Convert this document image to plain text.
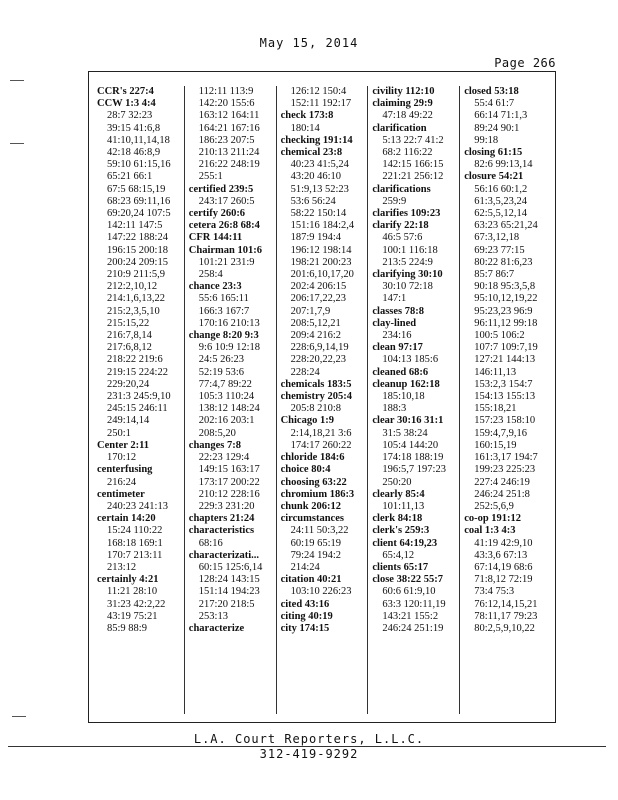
May 15, 2014
Page 266
CCR's 227:4
CCW 1:3 4:4
28:7 32:23
39:15 41:6,8
41:10,11,14,18
42:18 46:8,9
59:10 61:15,16
65:21 66:1
67:5 68:15,19
68:23 69:11,16
69:20,24 107:5
142:11 147:5
147:22 188:24
196:15 200:18
200:24 209:15
210:9 211:5,9
212:2,10,12
214:1,6,13,22
215:2,3,5,10
215:15,22
216:7,8,14
217:6,8,12
218:22 219:6
219:15 224:22
229:20,24
231:3 245:9,10
245:15 246:11
249:14,14
250:1
Center 2:11
170:12
centerfusing
216:24
centimeter
240:23 241:13
certain 14:20
15:24 110:22
168:18 169:1
170:7 213:11
213:12
certainly 4:21
11:21 28:10
31:23 42:2,22
43:19 75:21
85:9 88:9
112:11 113:9
142:20 155:6
163:12 164:11
164:21 167:16
186:23 207:5
210:13 211:24
216:22 248:19
255:1
certified 239:5
243:17 260:5
certify 260:6
cetera 26:8 68:4
CFR 144:11
Chairman 101:6
101:21 231:9
258:4
chance 23:3
55:6 165:11
166:3 167:7
170:16 210:13
change 8:20 9:3
9:6 10:9 12:18
24:5 26:23
52:19 53:6
77:4,7 89:22
105:3 110:24
138:12 148:24
202:16 203:1
208:5,20
changes 7:8
22:23 129:4
149:15 163:17
173:17 200:22
210:12 228:16
229:3 231:20
chapters 21:24
characteristics
68:16
characterizati...
60:15 125:6,14
128:24 143:15
151:14 194:23
217:20 218:5
253:13
characterize
126:12 150:4
152:11 192:17
check 173:8
180:14
checking 191:14
chemical 23:8
40:23 41:5,24
43:20 46:10
51:9,13 52:23
53:6 56:24
58:22 150:14
151:16 184:2,4
187:9 194:4
196:12 198:14
198:21 200:23
201:6,10,17,20
202:4 206:15
206:17,22,23
207:1,7,9
208:5,12,21
209:4 216:2
228:6,9,14,19
228:20,22,23
228:24
chemicals 183:5
chemistry 205:4
205:8 210:8
Chicago 1:9
2:14,18,21 3:6
174:17 260:22
chloride 184:6
choice 80:4
choosing 63:22
chromium 186:3
chunk 206:12
circumstances
24:11 50:3,22
60:19 65:19
79:24 194:2
214:24
citation 40:21
103:10 226:23
cited 43:16
citing 40:19
city 174:15
civility 112:10
claiming 29:9
47:18 49:22
clarification
5:13 22:7 41:2
68:2 116:22
142:15 166:15
221:21 256:12
clarifications
259:9
clarifies 109:23
clarify 22:18
46:5 57:6
100:1 116:18
213:5 224:9
clarifying 30:10
30:10 72:18
147:1
classes 78:8
clay-lined
234:16
clean 97:17
104:13 185:6
cleaned 68:6
cleanup 162:18
185:10,18
188:3
clear 30:16 31:1
31:5 38:24
105:4 144:20
174:18 188:19
196:5,7 197:23
250:20
clearly 85:4
101:11,13
clerk 84:18
clerk's 259:3
client 64:19,23
65:4,12
clients 65:17
close 38:22 55:7
60:6 61:9,10
63:3 120:11,19
143:21 155:2
246:24 251:19
closed 53:18
55:4 61:7
66:14 71:1,3
89:24 90:1
99:18
closing 61:15
82:6 99:13,14
closure 54:21
56:16 60:1,2
61:3,5,23,24
62:5,5,12,14
63:23 65:21,24
67:3,12,18
69:23 77:15
80:22 81:6,23
85:7 86:7
90:18 95:3,5,8
95:10,12,19,22
95:23,23 96:9
96:11,12 99:18
100:5 106:2
107:7 109:7,19
127:21 144:13
146:11,13
153:2,3 154:7
154:13 155:13
155:18,21
157:23 158:10
159:4,7,9,16
160:15,19
161:3,17 194:7
199:23 225:23
227:4 246:19
246:24 251:8
252:5,6,9
co-op 191:12
coal 1:3 4:3
41:19 42:9,10
43:3,6 67:13
67:14,19 68:6
71:8,12 72:19
73:4 75:3
76:12,14,15,21
78:11,17 79:23
80:2,5,9,10,22
L.A. Court Reporters, L.L.C.
312-419-9292
